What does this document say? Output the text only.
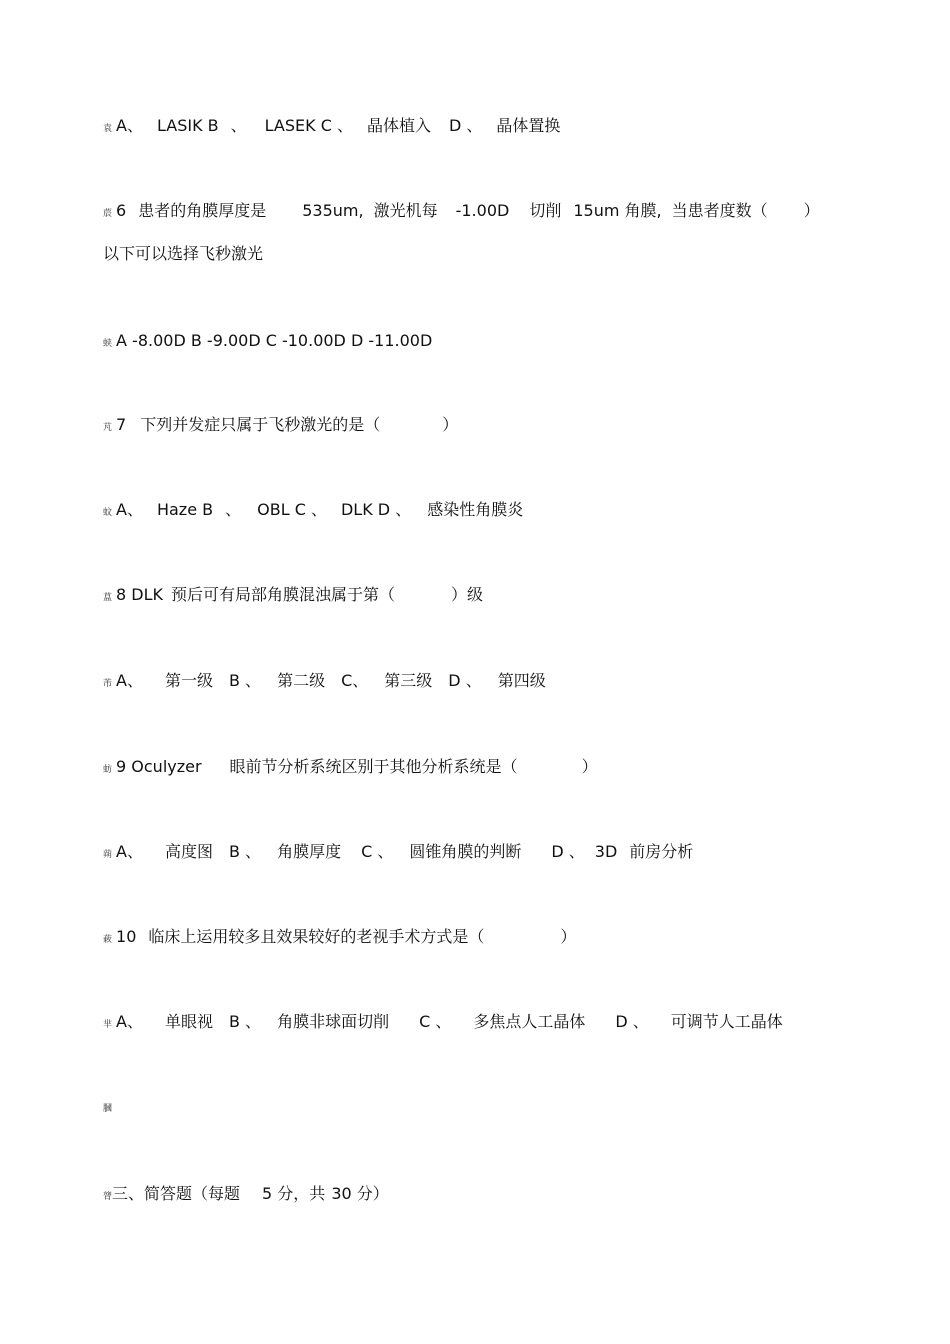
袁 A、 LASIK B 、 LASEK C 、 晶体植入 D 、 晶体置换
莀 6 患者的角膜厚度是 535um, 激光机每 -1.00D 切削 15um 角膜, 当患者度数（ ）
以下可以选择飞秒激光
蛱 A -8.00D B -9.00D C -10.00D D -11.00D
芃 7 下列并发症只属于飞秒激光的是（	）
蚊 A、 Haze B 、 OBL C 、 DLK D 、 感染性角膜炎
蒀 8 DLK 预后可有局部角膜混浊属于第（	）级
芾 A、 第一级 B 、 第二级 C、 第三级 D 、 第四级
蚄 9 Oculyzer 眼前节分析系统区别于其他分析系统是（	）
蒴 A、 高度图 B 、 角膜厚度 C 、 圆锥角膜的判断 D 、 3D 前房分析
蓛 10 临床上运用较多且效果较好的老视手术方式是（	）
芈 A、 单眼视 B 、 角膜非球面切削 C 、 多焦点人工晶体 D 、 可调节人工晶体
膕
膂三、简答题（每题 5 分，共 30 分）
